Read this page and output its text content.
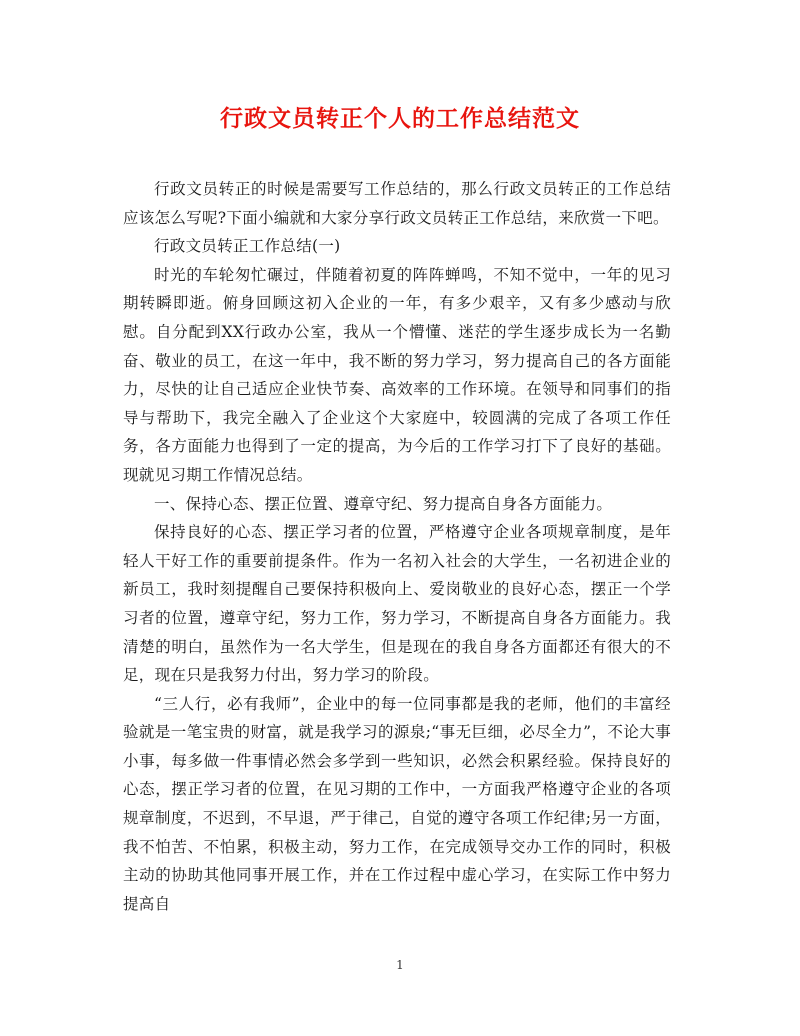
行政文员转正个人的工作总结范文

行政文员转正的时候是需要写工作总结的，那么行政文员转正的工作总结应该怎么写呢?下面小编就和大家分享行政文员转正工作总结，来欣赏一下吧。

行政文员转正工作总结(一)

时光的车轮匆忙碾过，伴随着初夏的阵阵蝉鸣，不知不觉中，一年的见习期转瞬即逝。俯身回顾这初入企业的一年，有多少艰辛，又有多少感动与欣慰。自分配到XX行政办公室，我从一个懵懂、迷茫的学生逐步成长为一名勤奋、敬业的员工，在这一年中，我不断的努力学习，努力提高自己的各方面能力，尽快的让自己适应企业快节奏、高效率的工作环境。在领导和同事们的指导与帮助下，我完全融入了企业这个大家庭中，较圆满的完成了各项工作任务，各方面能力也得到了一定的提高，为今后的工作学习打下了良好的基础。现就见习期工作情况总结。

一、保持心态、摆正位置、遵章守纪、努力提高自身各方面能力。

保持良好的心态、摆正学习者的位置，严格遵守企业各项规章制度，是年轻人干好工作的重要前提条件。作为一名初入社会的大学生，一名初进企业的新员工，我时刻提醒自己要保持积极向上、爱岗敬业的良好心态，摆正一个学习者的位置，遵章守纪，努力工作，努力学习，不断提高自身各方面能力。我清楚的明白，虽然作为一名大学生，但是现在的我自身各方面都还有很大的不足，现在只是我努力付出，努力学习的阶段。

“三人行，必有我师”，企业中的每一位同事都是我的老师，他们的丰富经验就是一笔宝贵的财富，就是我学习的源泉;“事无巨细，必尽全力”，不论大事小事，每多做一件事情必然会多学到一些知识，必然会积累经验。保持良好的心态，摆正学习者的位置，在见习期的工作中，一方面我严格遵守企业的各项规章制度，不迟到，不早退，严于律己，自觉的遵守各项工作纪律;另一方面，我不怕苦、不怕累，积极主动，努力工作，在完成领导交办工作的同时，积极主动的协助其他同事开展工作，并在工作过程中虚心学习，在实际工作中努力提高自

1
